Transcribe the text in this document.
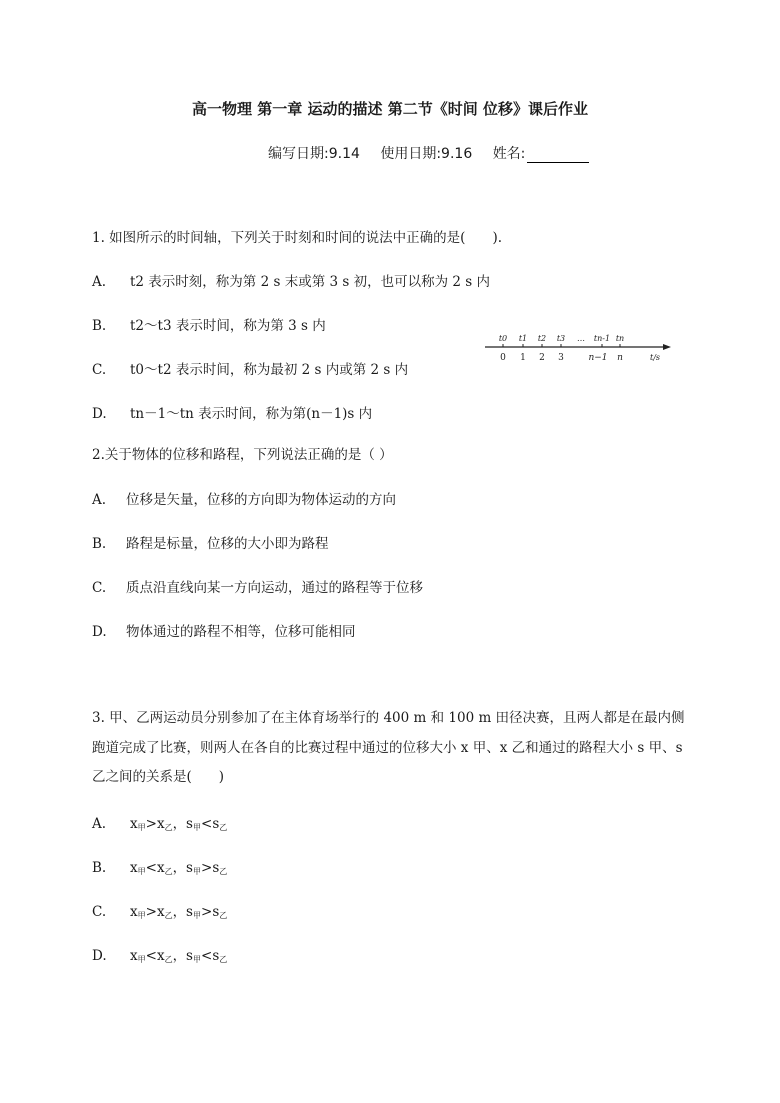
高一物理 第一章 运动的描述 第二节《时间 位移》课后作业
编写日期:9.14 使用日期:9.16 姓名:
1. 如图所示的时间轴，下列关于时刻和时间的说法中正确的是(　　).
A. t2 表示时刻，称为第 2 s 末或第 3 s 初，也可以称为 2 s 内
B. t2～t3 表示时间，称为第 3 s 内
C. t0～t2 表示时间，称为最初 2 s 内或第 2 s 内
D. tn－1～tn 表示时间，称为第(n－1)s 内
t0 t1 t2 t3 … tn-1 tn
0 1 2 3	n−1 n	t/s
2.关于物体的位移和路程，下列说法正确的是（ ）
A. 位移是矢量，位移的方向即为物体运动的方向
B. 路程是标量，位移的大小即为路程
C. 质点沿直线向某一方向运动，通过的路程等于位移
D. 物体通过的路程不相等，位移可能相同
3. 甲、乙两运动员分别参加了在主体育场举行的 400 m 和 100 m 田径决赛，且两人都是在最内侧跑道完成了比赛，则两人在各自的比赛过程中通过的位移大小 x 甲、x 乙和通过的路程大小 s 甲、s 乙之间的关系是(　　)
A. $x_甲>x_乙$，$s_甲<s_乙$
B. $x_甲<x_乙$，$s_甲>s_乙$
C. $x_甲>x_乙$，$s_甲>s_乙$
D. $x_甲<x_乙$，$s_甲<s_乙$
